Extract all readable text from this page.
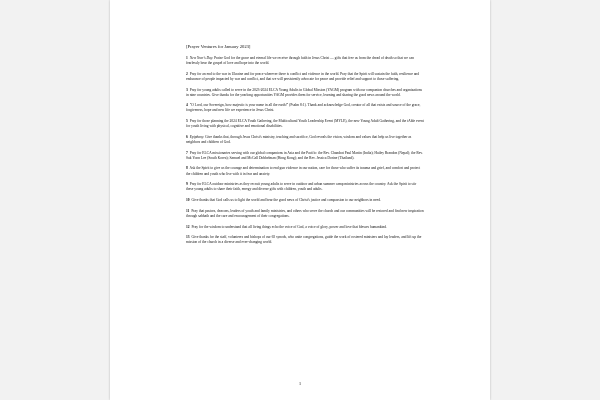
[Prayer Ventures for January 2023]
1 New Year's Day. Praise God for the grace and eternal life we receive through faith in Jesus Christ — gifts that free us from the dread of death so that we can fearlessly bear the gospel of love and hope into the world.
2 Pray for an end to the war in Ukraine and for peace wherever there is conflict and violence in the world. Pray that the Spirit will sustain the faith, resilience and endurance of people impacted by war and conflict, and that we will persistently advocate for peace and provide relief and support to those suffering.
3 Pray for young adults called to serve in the 2023-2024 ELCA Young Adults in Global Mission (YAGM) program with our companion churches and organizations in nine countries. Give thanks for the yearlong opportunities YAGM provides them for service, learning and sharing the good news around the world.
4 "O Lord, our Sovereign, how majestic is your name in all the earth!" (Psalm 8:1). Thank and acknowledge God, creator of all that exists and source of the grace, forgiveness, hope and new life we experience in Jesus Christ.
5 Pray for those planning the 2024 ELCA Youth Gathering, the Multicultural Youth Leadership Event (MYLE), the new Young Adult Gathering, and the tAble event for youth living with physical, cognitive and emotional disabilities.
6 Epiphany. Give thanks that, through Jesus Christ's ministry, teaching and sacrifice, God reveals the vision, wisdom and values that help us live together as neighbors and children of God.
7 Pray for ELCA missionaries serving with our global companions in Asia and the Pacific: the Rev. Chandrat Paul Martin (India); Hailey Brandon (Nepal); the Rev. Suk Yoon Lee (South Korea); Samuel and McCall Dobbelman (Hong Kong); and the Rev. Jessica Dorine (Thailand).
8 Ask the Spirit to give us the courage and determination to end gun violence in our nation, care for those who suffer its trauma and grief, and comfort and protect the children and youth who live with it in fear and anxiety.
9 Pray for ELCA outdoor ministries as they recruit young adults to serve in outdoor and urban summer camp ministries across the country. Ask the Spirit to stir these young adults to share their faith, energy and diverse gifts with children, youth and adults.
10 Give thanks that God calls us to light the world and hear the good news of Christ's justice and compassion to our neighbors in need.
11 Pray that pastors, deacons, leaders of youth and family ministries, and others who serve the church and our communities will be restored and find new inspiration through sabbath and the care and encouragement of their congregations.
12 Pray for the wisdom to understand that all living things echo the voice of God, a voice of glory, power and love that blesses humankind.
13 Give thanks for the staff, volunteers and bishops of our 65 synods, who unite congregations, guide the work of rostered ministers and lay leaders, and lift up the mission of the church in a diverse and ever-changing world.
1
